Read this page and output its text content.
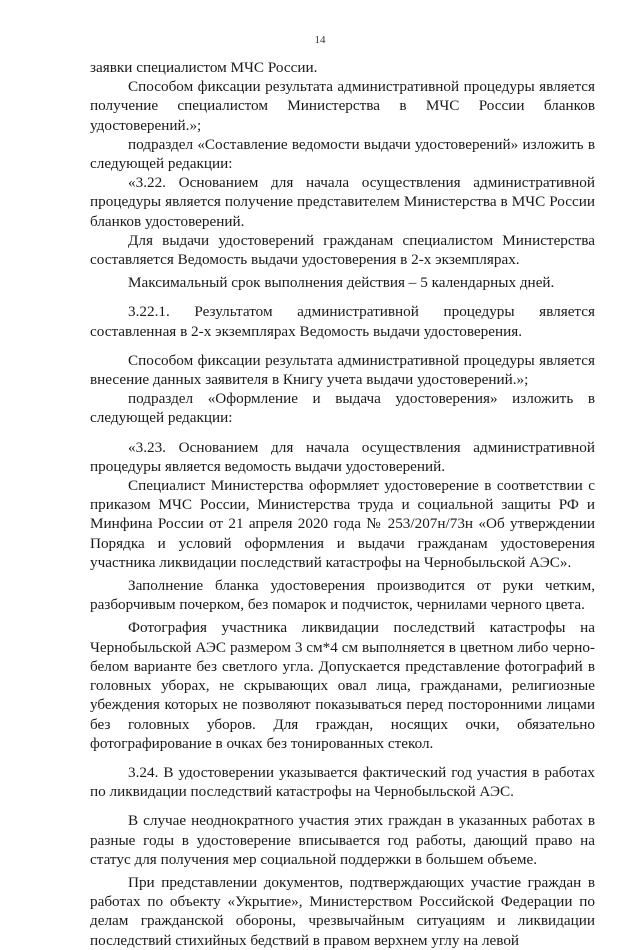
14

заявки специалистом МЧС России.

Способом фиксации результата административной процедуры является получение специалистом Министерства в МЧС России бланков удостоверений.»;

подраздел «Составление ведомости выдачи удостоверений» изложить в следующей редакции:

«3.22. Основанием для начала осуществления административной процедуры является получение представителем Министерства в МЧС России бланков удостоверений.

Для выдачи удостоверений гражданам специалистом Министерства составляется Ведомость выдачи удостоверения в 2-х экземплярах.

Максимальный срок выполнения действия – 5 календарных дней.

3.22.1. Результатом административной процедуры является составленная в 2-х экземплярах Ведомость выдачи удостоверения.

Способом фиксации результата административной процедуры является внесение данных заявителя в Книгу учета выдачи удостоверений.»;

подраздел «Оформление и выдача удостоверения» изложить в следующей редакции:

«3.23. Основанием для начала осуществления административной процедуры является ведомость выдачи удостоверений.

Специалист Министерства оформляет удостоверение в соответствии с приказом МЧС России, Министерства труда и социальной защиты РФ и Минфина России от 21 апреля 2020 года № 253/207н/73н «Об утверждении Порядка и условий оформления и выдачи гражданам удостоверения участника ликвидации последствий катастрофы на Чернобыльской АЭС».

Заполнение бланка удостоверения производится от руки четким, разборчивым почерком, без помарок и подчисток, чернилами черного цвета.

Фотография участника ликвидации последствий катастрофы на Чернобыльской АЭС размером 3 см*4 см выполняется в цветном либо черно-белом варианте без светлого угла. Допускается представление фотографий в головных уборах, не скрывающих овал лица, гражданами, религиозные убеждения которых не позволяют показываться перед посторонними лицами без головных уборов. Для граждан, носящих очки, обязательно фотографирование в очках без тонированных стекол.

3.24. В удостоверении указывается фактический год участия в работах по ликвидации последствий катастрофы на Чернобыльской АЭС.

В случае неоднократного участия этих граждан в указанных работах в разные годы в удостоверение вписывается год работы, дающий право на статус для получения мер социальной поддержки в большем объеме.

При представлении документов, подтверждающих участие граждан в работах по объекту «Укрытие», Министерством Российской Федерации по делам гражданской обороны, чрезвычайным ситуациям и ликвидации последствий стихийных бедствий в правом верхнем углу на левой
